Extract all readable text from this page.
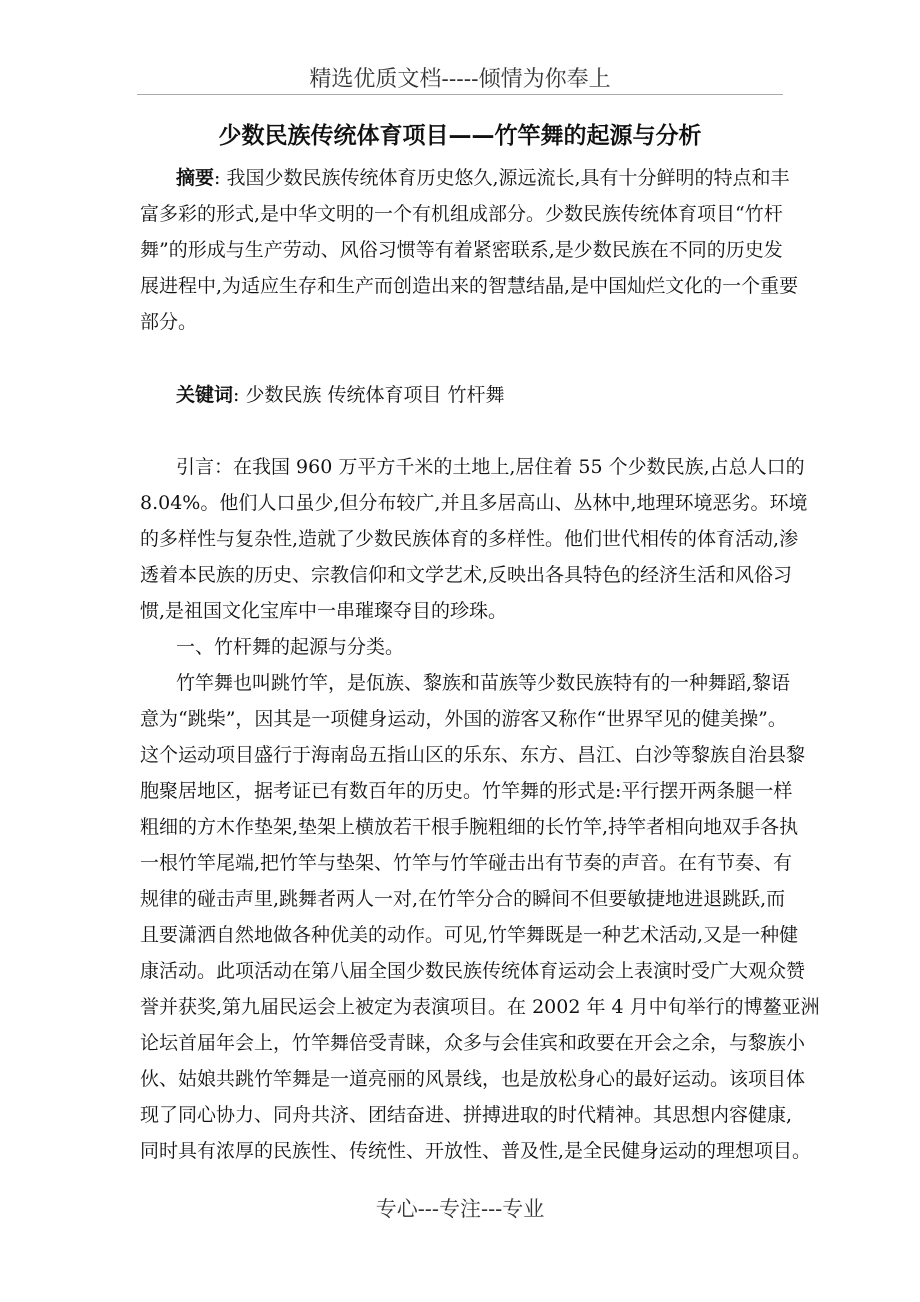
精选优质文档-----倾情为你奉上
少数民族传统体育项目——竹竿舞的起源与分析
摘要: 我国少数民族传统体育历史悠久,源远流长,具有十分鲜明的特点和丰
富多彩的形式,是中华文明的一个有机组成部分。少数民族传统体育项目“竹杆
舞”的形成与生产劳动、风俗习惯等有着紧密联系,是少数民族在不同的历史发
展进程中,为适应生存和生产而创造出来的智慧结晶,是中国灿烂文化的一个重要
部分。
关键词: 少数民族 传统体育项目 竹杆舞
引言：在我国 960 万平方千米的土地上,居住着 55 个少数民族,占总人口的
8.04%。他们人口虽少,但分布较广,并且多居高山、丛林中,地理环境恶劣。环境
的多样性与复杂性,造就了少数民族体育的多样性。他们世代相传的体育活动,渗
透着本民族的历史、宗教信仰和文学艺术,反映出各具特色的经济生活和风俗习
惯,是祖国文化宝库中一串璀璨夺目的珍珠。
一、竹杆舞的起源与分类。
竹竿舞也叫跳竹竿，是佤族、黎族和苗族等少数民族特有的一种舞蹈,黎语
意为“跳柴”，因其是一项健身运动，外国的游客又称作“世界罕见的健美操”。
这个运动项目盛行于海南岛五指山区的乐东、东方、昌江、白沙等黎族自治县黎
胞聚居地区，据考证已有数百年的历史。竹竿舞的形式是:平行摆开两条腿一样
粗细的方木作垫架,垫架上横放若干根手腕粗细的长竹竿,持竿者相向地双手各执
一根竹竿尾端,把竹竿与垫架、竹竿与竹竿碰击出有节奏的声音。在有节奏、有
规律的碰击声里,跳舞者两人一对,在竹竿分合的瞬间不但要敏捷地进退跳跃,而
且要潇洒自然地做各种优美的动作。可见,竹竿舞既是一种艺术活动,又是一种健
康活动。此项活动在第八届全国少数民族传统体育运动会上表演时受广大观众赞
誉并获奖,第九届民运会上被定为表演项目。在 2002 年 4 月中旬举行的博鳌亚洲
论坛首届年会上，竹竿舞倍受青睐，众多与会佳宾和政要在开会之余，与黎族小
伙、姑娘共跳竹竿舞是一道亮丽的风景线，也是放松身心的最好运动。该项目体
现了同心协力、同舟共济、团结奋进、拼搏进取的时代精神。其思想内容健康,
同时具有浓厚的民族性、传统性、开放性、普及性,是全民健身运动的理想项目。
专心---专注---专业
